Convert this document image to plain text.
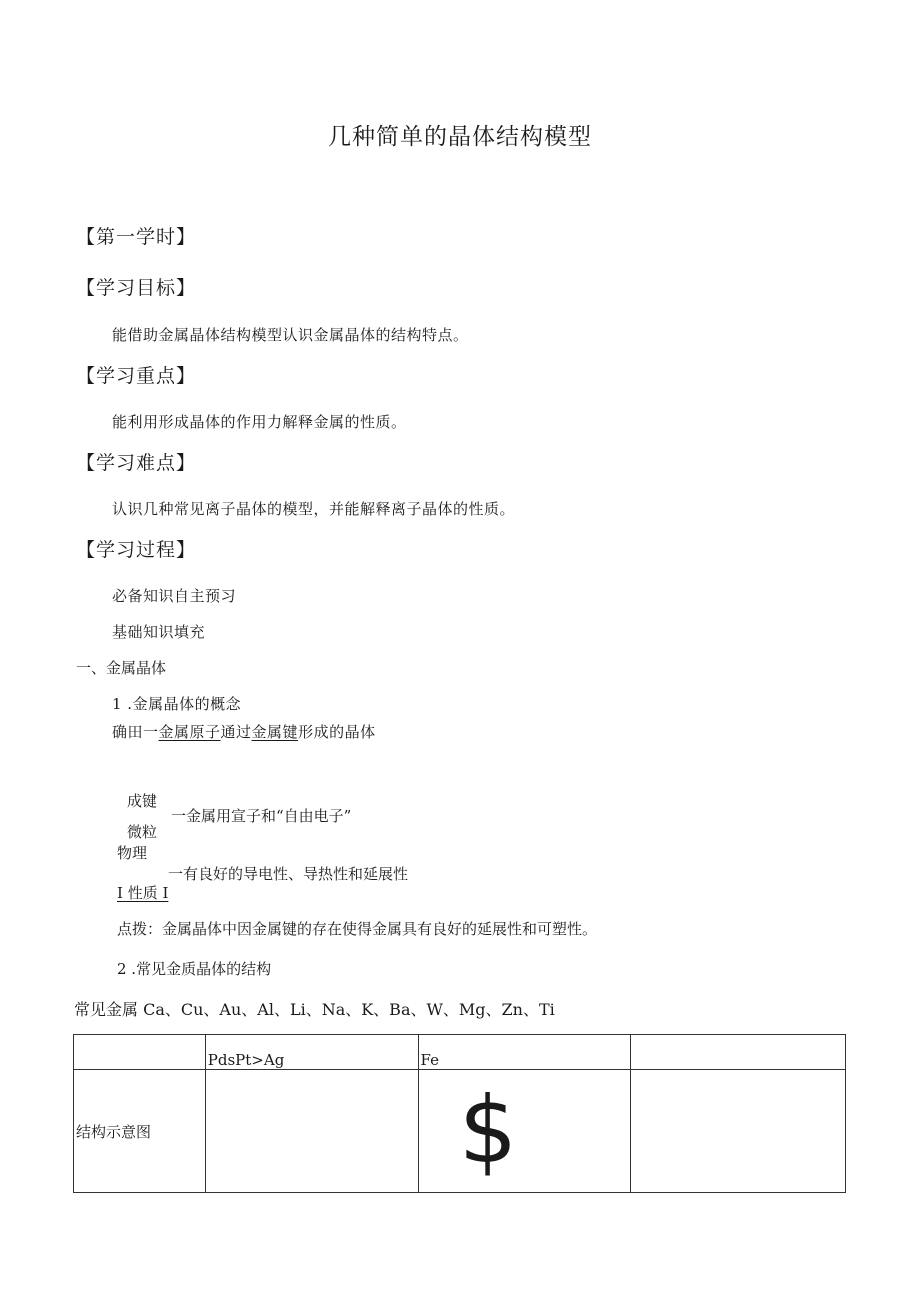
几种简单的晶体结构模型
【第一学时】
【学习目标】
能借助金属晶体结构模型认识金属晶体的结构特点。
【学习重点】
能利用形成晶体的作用力解释金属的性质。
【学习难点】
认识几种常见离子晶体的模型，并能解释离子晶体的性质。
【学习过程】
必备知识自主预习
基础知识填充
一、金属晶体
1 .金属晶体的概念
确田一金属原子通过金属键形成的晶体
成键
微粒
一金属用宣子和“自由电子”
物理
一有良好的导电性、导热性和延展性
I 性质 I
点拨：金属晶体中因金属键的存在使得金属具有良好的延展性和可塑性。
2 .常见金质晶体的结构
常见金属 Ca、Cu、Au、Al、Li、Na、K、Ba、W、Mg、Zn、Ti
	PdsPt>Ag	Fe	
结构示意图		$	
